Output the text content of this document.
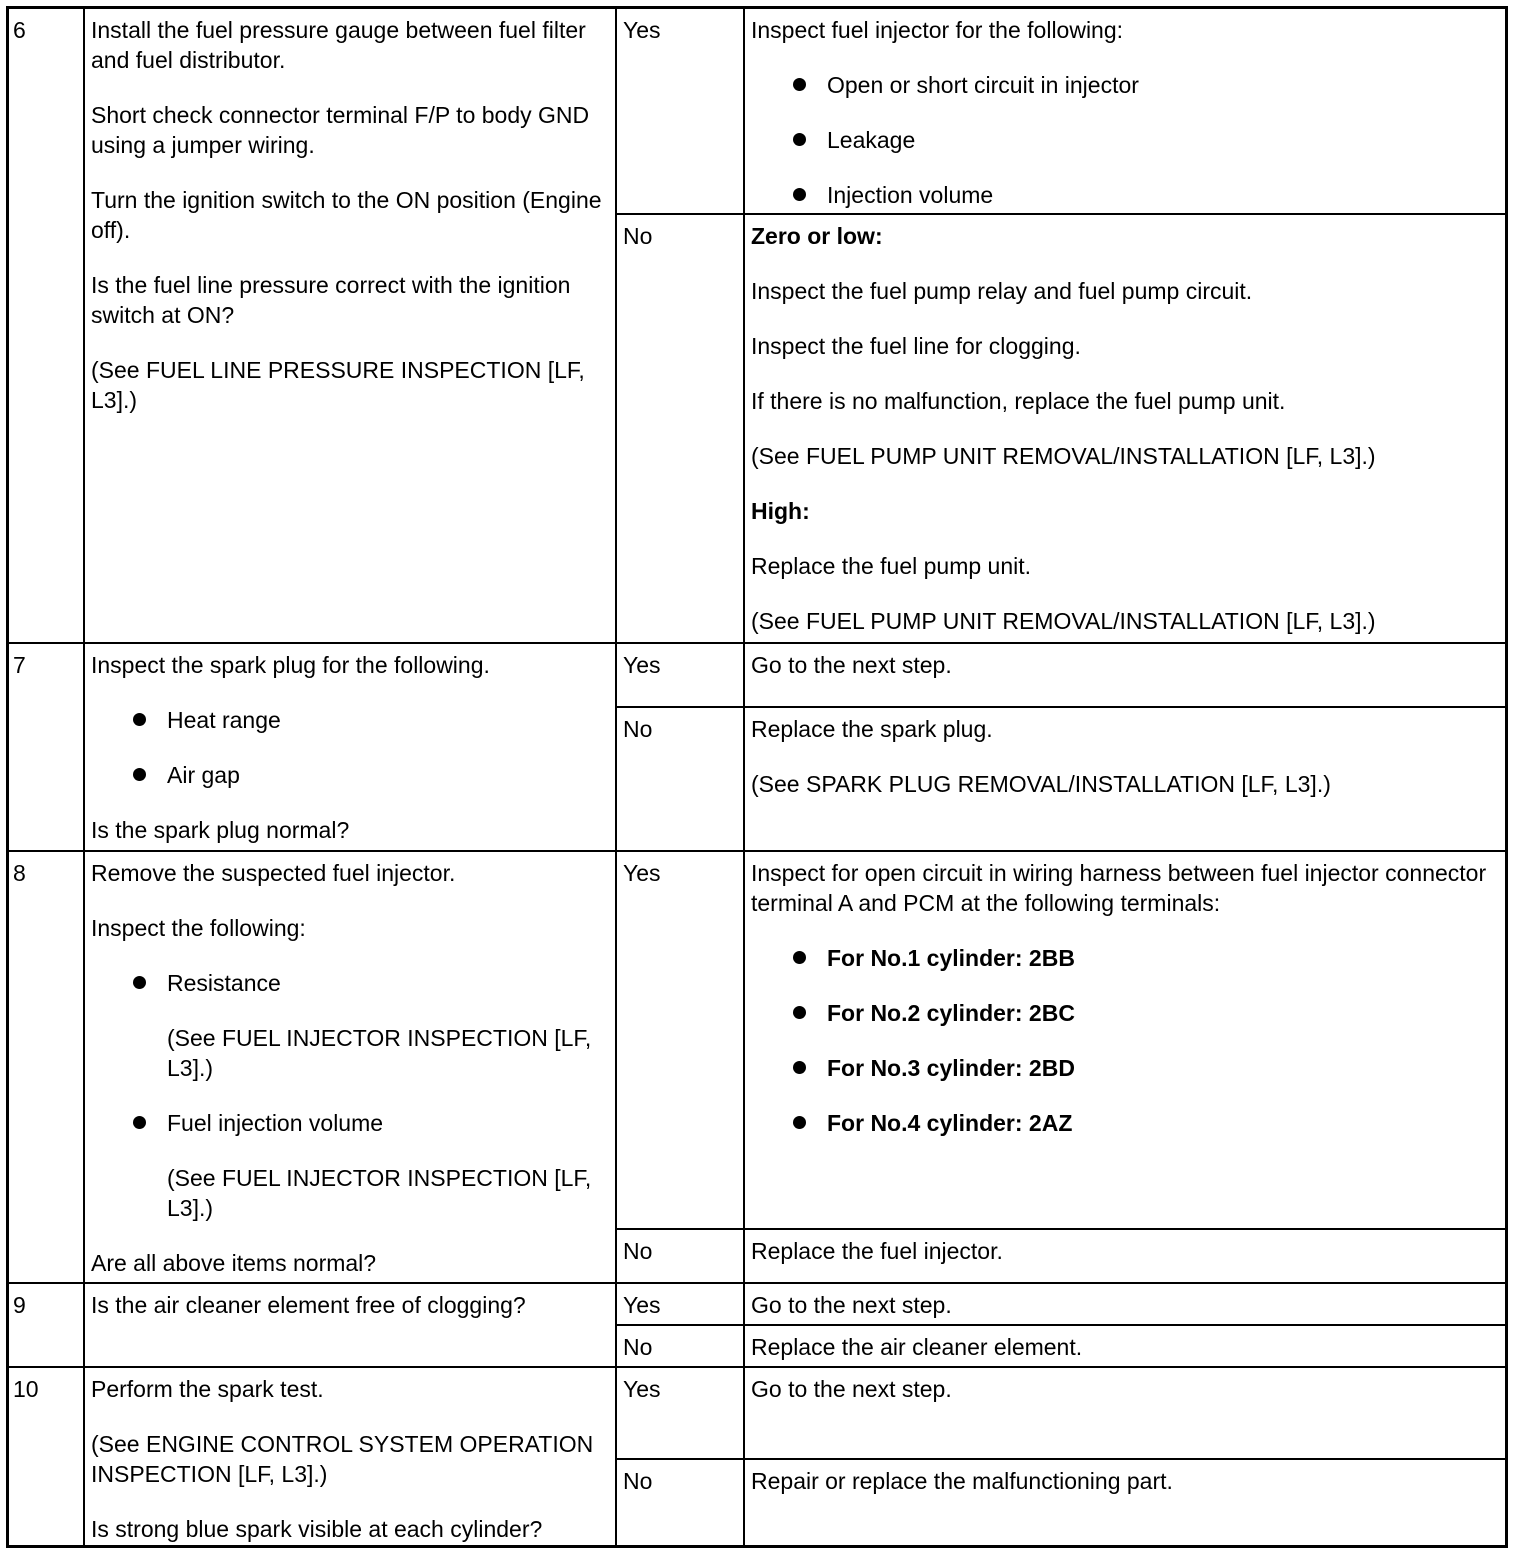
6	Install the fuel pressure gauge between fuel filter and fuel distributor.

Short check connector terminal F/P to body GND using a jumper wiring.

Turn the ignition switch to the ON position (Engine off).

Is the fuel line pressure correct with the ignition switch at ON?

(See FUEL LINE PRESSURE INSPECTION [LF, L3].)

Yes	Inspect fuel injector for the following:

Open or short circuit in injector
Leakage
Injection volume
No	Zero or low:

Inspect the fuel pump relay and fuel pump circuit.

Inspect the fuel line for clogging.

If there is no malfunction, replace the fuel pump unit.

(See FUEL PUMP UNIT REMOVAL/INSTALLATION [LF, L3].)

High:

Replace the fuel pump unit.

(See FUEL PUMP UNIT REMOVAL/INSTALLATION [LF, L3].)

7	Inspect the spark plug for the following.

Heat range
Air gap

Is the spark plug normal?

Yes	Go to the next step.

No	Replace the spark plug.

(See SPARK PLUG REMOVAL/INSTALLATION [LF, L3].)

8	Remove the suspected fuel injector.

Inspect the following:

Resistance
(See FUEL INJECTOR INSPECTION [LF, L3].)
Fuel injection volume
(See FUEL INJECTOR INSPECTION [LF, L3].)

Are all above items normal?

Yes	Inspect for open circuit in wiring harness between fuel injector connector terminal A and PCM at the following terminals:

For No.1 cylinder: 2BB
For No.2 cylinder: 2BC
For No.3 cylinder: 2BD
For No.4 cylinder: 2AZ
No	Replace the fuel injector.

9	Is the air cleaner element free of clogging?	Yes	Go to the next step.

No	Replace the air cleaner element.

10	Perform the spark test.

(See ENGINE CONTROL SYSTEM OPERATION INSPECTION [LF, L3].)

Is strong blue spark visible at each cylinder?

Yes	Go to the next step.

No	Repair or replace the malfunctioning part.
